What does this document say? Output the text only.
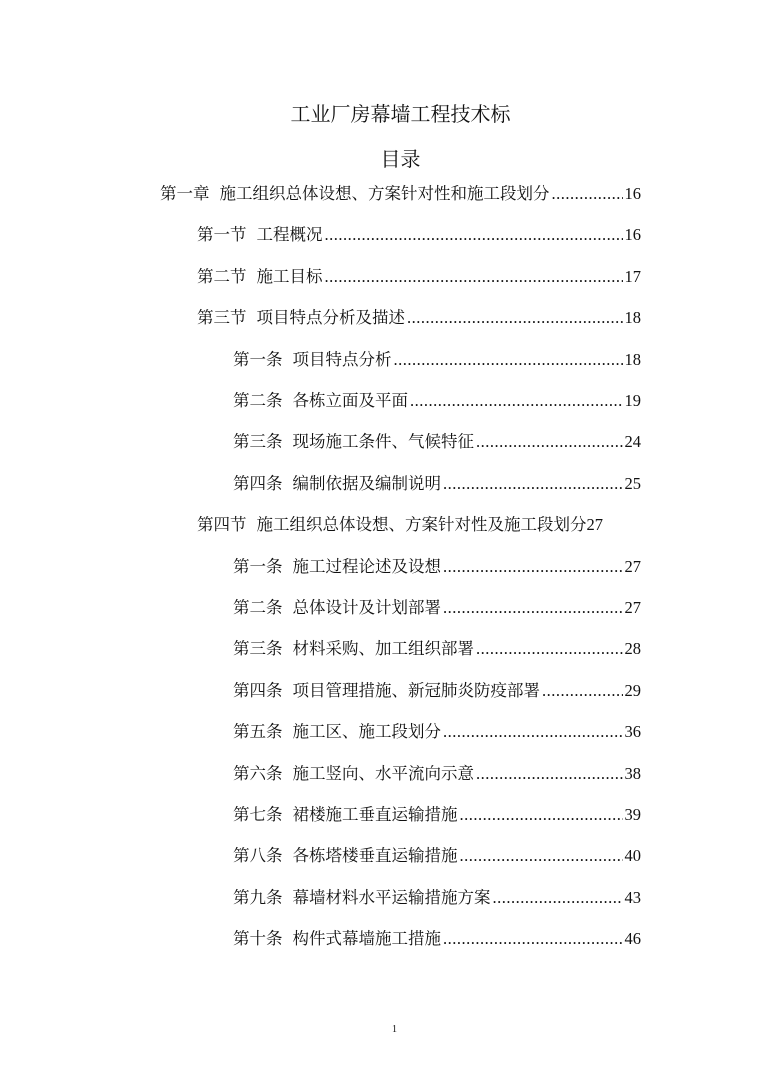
工业厂房幕墙工程技术标
目录
第一章 施工组织总体设想、方案针对性和施工段划分 .....	16
第一节 工程概况 .....	16
第二节 施工目标 .....	17
第三节 项目特点分析及描述 .....	18
第一条 项目特点分析 .....	18
第二条 各栋立面及平面 .....	19
第三条 现场施工条件、气候特征 .....	24
第四条 编制依据及编制说明 .....	25
第四节 施工组织总体设想、方案针对性及施工段划分 27
第一条 施工过程论述及设想 .....	27
第二条 总体设计及计划部署 .....	27
第三条 材料采购、加工组织部署 .....	28
第四条 项目管理措施、新冠肺炎防疫部署 .....	29
第五条 施工区、施工段划分 .....	36
第六条 施工竖向、水平流向示意 .....	38
第七条 裙楼施工垂直运输措施 .....	39
第八条 各栋塔楼垂直运输措施 .....	40
第九条 幕墙材料水平运输措施方案 .....	43
第十条 构件式幕墙施工措施 .....	46
1
